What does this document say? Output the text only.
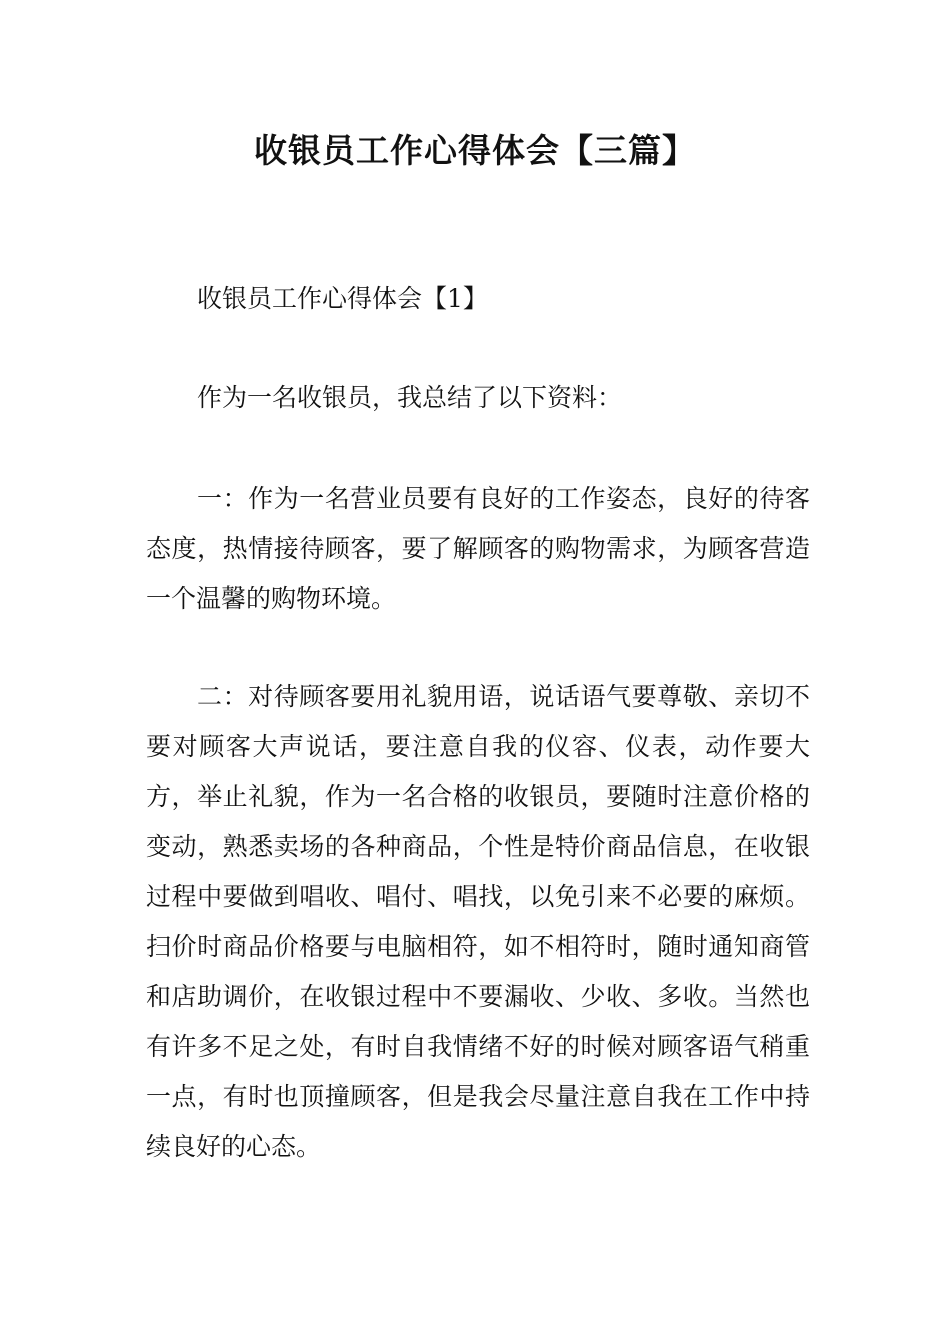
收银员工作心得体会【三篇】

收银员工作心得体会【1】

作为一名收银员，我总结了以下资料：

一：作为一名营业员要有良好的工作姿态，良好的待客态度，热情接待顾客，要了解顾客的购物需求，为顾客营造一个温馨的购物环境。

二：对待顾客要用礼貌用语，说话语气要尊敬、亲切不要对顾客大声说话，要注意自我的仪容、仪表，动作要大方，举止礼貌，作为一名合格的收银员，要随时注意价格的变动，熟悉卖场的各种商品，个性是特价商品信息，在收银过程中要做到唱收、唱付、唱找，以免引来不必要的麻烦。扫价时商品价格要与电脑相符，如不相符时，随时通知商管和店助调价，在收银过程中不要漏收、少收、多收。当然也有许多不足之处，有时自我情绪不好的时候对顾客语气稍重一点，有时也顶撞顾客，但是我会尽量注意自我在工作中持续良好的心态。
